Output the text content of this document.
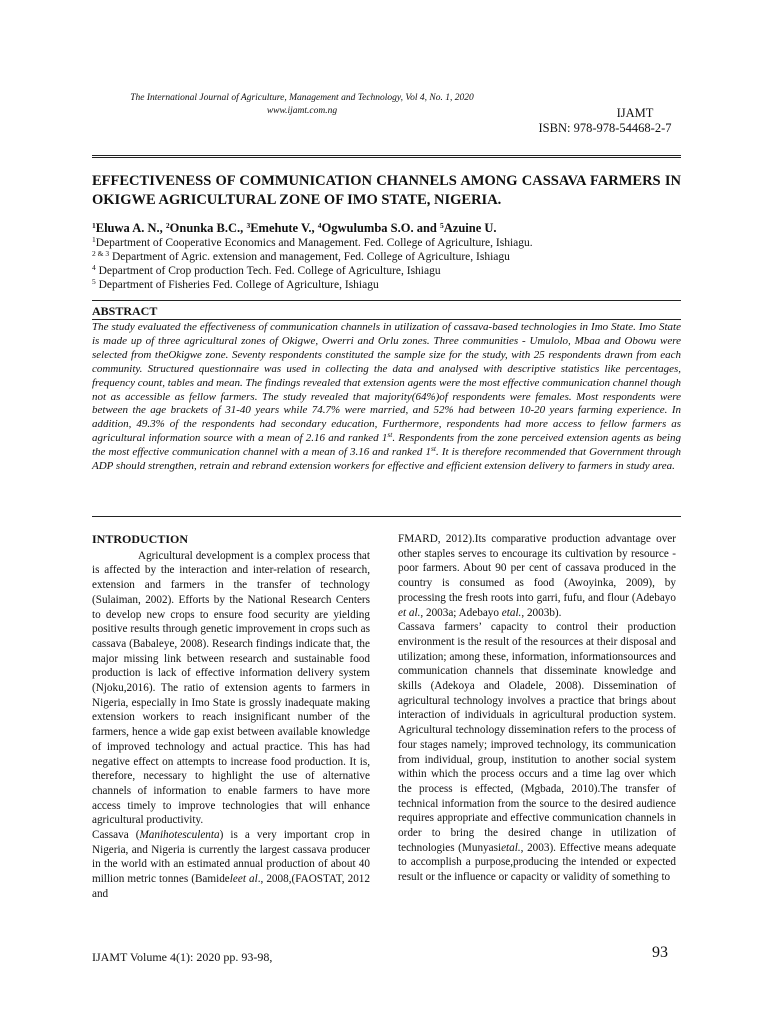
The International Journal of Agriculture, Management and Technology, Vol 4, No. 1, 2020
www.ijamt.com.ng	IJAMT
ISBN: 978-978-54468-2-7
EFFECTIVENESS OF COMMUNICATION CHANNELS AMONG CASSAVA FARMERS IN OKIGWE AGRICULTURAL ZONE OF IMO STATE, NIGERIA.
$^1$Eluwa A. N., $^2$Onunka B.C., $^3$Emehute V., $^4$Ogwulumba S.O. and $^5$Azuine U.
$^1$Department of Cooperative Economics and Management. Fed. College of Agriculture, Ishiagu.
$^{2 \& 3}$ Department of Agric. extension and management, Fed. College of Agriculture, Ishiagu
$^4$ Department of Crop production Tech. Fed. College of Agriculture, Ishiagu
$^5$ Department of Fisheries Fed. College of Agriculture, Ishiagu
ABSTRACT
The study evaluated the effectiveness of communication channels in utilization of cassava-based technologies in Imo State. Imo State is made up of three agricultural zones of Okigwe, Owerri and Orlu zones. Three communities - Umulolo, Mbaa and Obowu were selected from theOkigwe zone. Seventy respondents constituted the sample size for the study, with 25 respondents drawn from each community. Structured questionnaire was used in collecting the data and analysed with descriptive statistics like percentages, frequency count, tables and mean. The findings revealed that extension agents were the most effective communication channel though not as accessible as fellow farmers. The study revealed that majority(64%)of respondents were females. Most respondents were between the age brackets of 31-40 years while 74.7% were married, and 52% had between 10-20 years farming experience. In addition, 49.3% of the respondents had secondary education, Furthermore, respondents had more access to fellow farmers as agricultural information source with a mean of 2.16 and ranked 1st. Respondents from the zone perceived extension agents as being the most effective communication channel with a mean of 3.16 and ranked 1st. It is therefore recommended that Government through ADP should strengthen, retrain and rebrand extension workers for effective and efficient extension delivery to farmers in study area.
INTRODUCTION

Agricultural development is a complex process that is affected by the interaction and inter-relation of research, extension and farmers in the transfer of technology (Sulaiman, 2002). Efforts by the National Research Centers to develop new crops to ensure food security are yielding positive results through genetic improvement in crops such as cassava (Babaleye, 2008). Research findings indicate that, the major missing link between research and sustainable food production is lack of effective information delivery system (Njoku,2016). The ratio of extension agents to farmers in Nigeria, especially in Imo State is grossly inadequate making extension workers to reach insignificant number of the farmers, hence a wide gap exist between available knowledge of improved technology and actual practice. This has had negative effect on attempts to increase food production. It is, therefore, necessary to highlight the use of alternative channels of information to enable farmers to have more access timely to improve technologies that will enhance agricultural productivity.

Cassava (Manihotesculenta) is a very important crop in Nigeria, and Nigeria is currently the largest cassava producer in the world with an estimated annual production of about 40 million metric tonnes (Bamideleet al., 2008,(FAOSTAT, 2012 and

FMARD, 2012).Its comparative production advantage over other staples serves to encourage its cultivation by resource - poor farmers. About 90 per cent of cassava produced in the country is consumed as food (Awoyinka, 2009), by processing the fresh roots into garri, fufu, and flour (Adebayo et al., 2003a; Adebayo etal., 2003b).

Cassava farmers’ capacity to control their production environment is the result of the resources at their disposal and utilization; among these, information, informationsources and communication channels that disseminate knowledge and skills (Adekoya and Oladele, 2008). Dissemination of agricultural technology involves a practice that brings about interaction of individuals in agricultural production system. Agricultural technology dissemination refers to the process of four stages namely; improved technology, its communication from individual, group, institution to another social system within which the process occurs and a time lag over which the process is effected, (Mgbada, 2010).The transfer of technical information from the source to the desired audience requires appropriate and effective communication channels in order to bring the desired change in utilization of technologies (Munyasietal., 2003). Effective means adequate to accomplish a purpose,producing the intended or expected result or the influence or capacity or validity of something to

IJAMT Volume 4(1): 2020 pp. 93-98,	93
